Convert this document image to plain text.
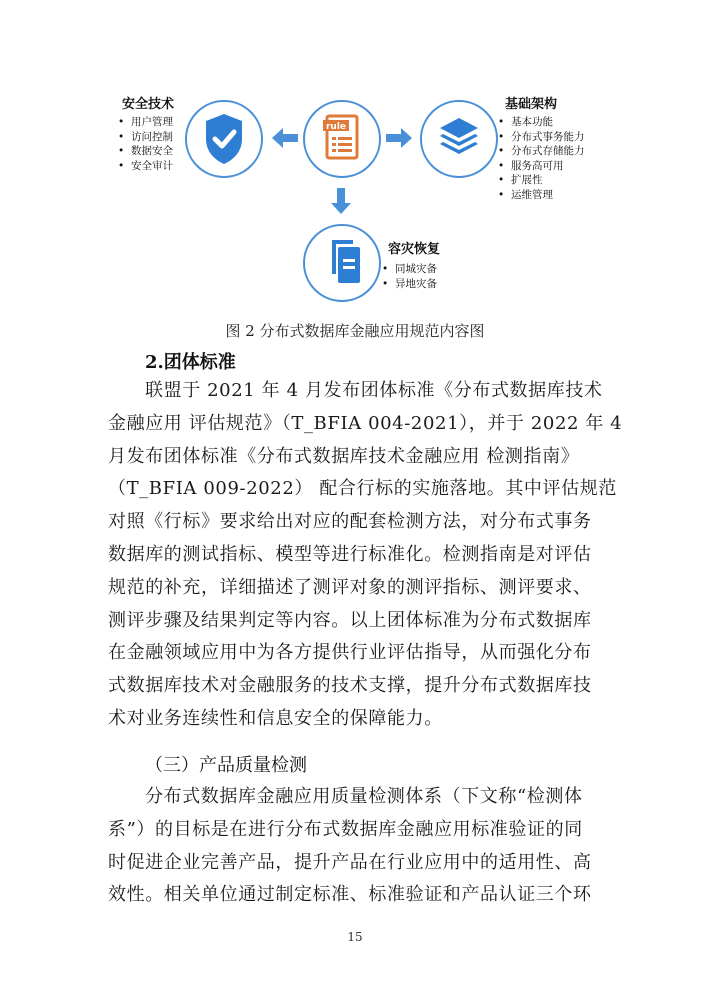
安全技术
• 用户管理
• 访问控制
• 数据安全
• 安全审计
rule
基础架构
• 基本功能
• 分布式事务能力
• 分布式存储能力
• 服务高可用
• 扩展性
• 运维管理
容灾恢复
• 同城灾备
• 异地灾备
图 2 分布式数据库金融应用规范内容图
2.团体标准
联盟于 2021 年 4 月发布团体标准《分布式数据库技术
金融应用 评估规范》（T_BFIA 004-2021），并于 2022 年 4
月发布团体标准《分布式数据库技术金融应用 检测指南》
（T_BFIA 009-2022） 配合行标的实施落地。其中评估规范
对照《行标》要求给出对应的配套检测方法，对分布式事务
数据库的测试指标、模型等进行标准化。检测指南是对评估
规范的补充，详细描述了测评对象的测评指标、测评要求、
测评步骤及结果判定等内容。以上团体标准为分布式数据库
在金融领域应用中为各方提供行业评估指导，从而强化分布
式数据库技术对金融服务的技术支撑，提升分布式数据库技
术对业务连续性和信息安全的保障能力。
（三）产品质量检测
分布式数据库金融应用质量检测体系（下文称“检测体
系”）的目标是在进行分布式数据库金融应用标准验证的同
时促进企业完善产品，提升产品在行业应用中的适用性、高
效性。相关单位通过制定标准、标准验证和产品认证三个环
15
